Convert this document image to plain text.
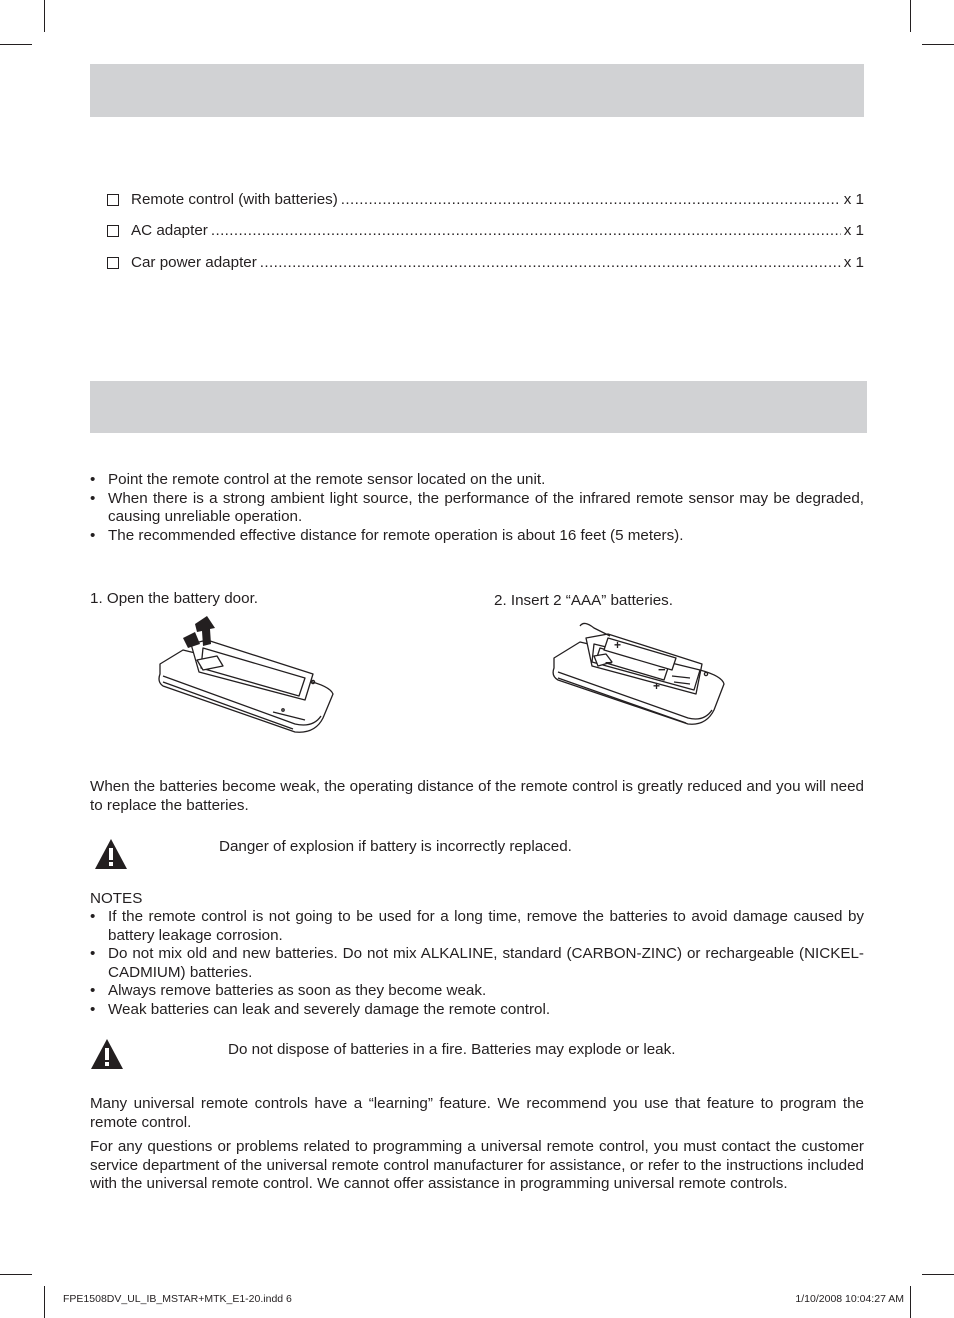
Remote control (with batteries) .....	x 1
AC adapter .....	x 1
Car power adapter .....	x 1
• Point the remote control at the remote sensor located on the unit.
• When there is a strong ambient light source, the performance of the infrared remote sensor may be degraded, causing unreliable operation.
• The recommended effective distance for remote operation is about 16 feet (5 meters).
1. Open the battery door.	2. Insert 2 “AAA” batteries.
+
−	−
+
When the batteries become weak, the operating distance of the remote control is greatly reduced and you will need to replace the batteries.
Danger of explosion if battery is incorrectly replaced.
NOTES
• If the remote control is not going to be used for a long time, remove the batteries to avoid damage caused by battery leakage corrosion.
• Do not mix old and new batteries. Do not mix ALKALINE, standard (CARBON-ZINC) or rechargeable (NICKEL-CADMIUM) batteries.
• Always remove batteries as soon as they become weak.
• Weak batteries can leak and severely damage the remote control.
Do not dispose of batteries in a fire. Batteries may explode or leak.
Many universal remote controls have a “learning” feature. We recommend you use that feature to program the remote control.
For any questions or problems related to programming a universal remote control, you must contact the customer service department of the universal remote control manufacturer for assistance, or refer to the instructions included with the universal remote control. We cannot offer assistance in programming universal remote controls.
FPE1508DV_UL_IB_MSTAR+MTK_E1-20.indd 6	1/10/2008 10:04:27 AM
